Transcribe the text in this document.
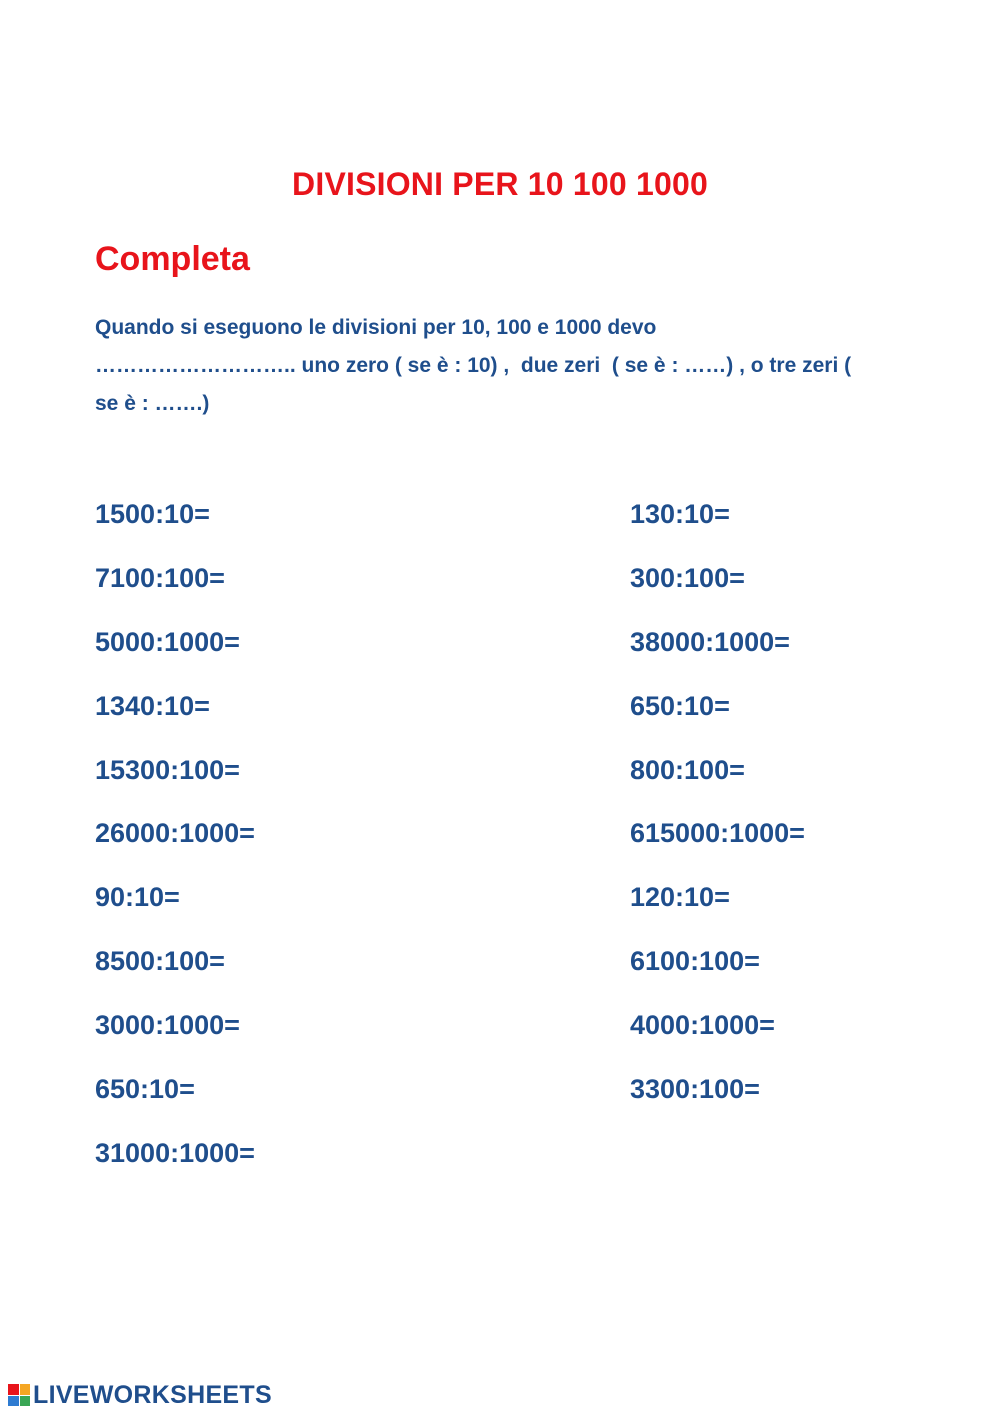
DIVISIONI PER 10 100 1000
Completa
Quando si eseguono le divisioni per 10, 100 e 1000 devo
……………………….. uno zero ( se è : 10) ,  due zeri  ( se è : ……) , o tre zeri (
se è : …….)
1500:10=
7100:100=
5000:1000=
1340:10=
15300:100=
26000:1000=
90:10=
8500:100=
3000:1000=
650:10=
31000:1000=
130:10=
300:100=
38000:1000=
650:10=
800:100=
615000:1000=
120:10=
6100:100=
4000:1000=
3300:100=
LIVEWORKSHEETS
